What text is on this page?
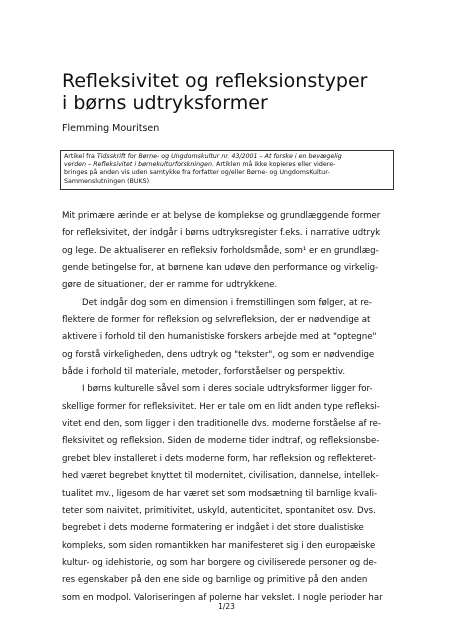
Refleksivitet og refleksionstyper
i børns udtryksformer
Flemming Mouritsen
Artikel fra Tidsskrift for Børne- og Ungdomskultur nr. 43/2001 – At forske i en bevægelig
verden – Refleksivitet i børnekulturforskningen. Artiklen må ikke kopieres eller videre-
bringes på anden vis uden samtykke fra forfatter og/eller Børne- og UngdomsKultur-
Sammenslutningen (BUKS)
Mit primære ærinde er at belyse de komplekse og grundlæggende former
for refleksivitet, der indgår i børns udtryksregister f.eks. i narrative udtryk
og lege. De aktualiserer en refleksiv forholdsmåde, som¹ er en grundlæg-
gende betingelse for, at børnene kan udøve den performance og virkelig-
gøre de situationer, der er ramme for udtrykkene.
Det indgår dog som en dimension i fremstillingen som følger, at re-
flektere de former for refleksion og selvrefleksion, der er nødvendige at
aktivere i forhold til den humanistiske forskers arbejde med at "optegne"
og forstå virkeligheden, dens udtryk og "tekster", og som er nødvendige
både i forhold til materiale, metoder, forforståelser og perspektiv.
I børns kulturelle såvel som i deres sociale udtryksformer ligger for-
skellige former for refleksivitet. Her er tale om en lidt anden type refleksi-
vitet end den, som ligger i den traditionelle dvs. moderne forståelse af re-
fleksivitet og refleksion. Siden de moderne tider indtraf, og refleksionsbe-
grebet blev installeret i dets moderne form, har refleksion og reflekteret-
hed været begrebet knyttet til modernitet, civilisation, dannelse, intellek-
tualitet mv., ligesom de har været set som modsætning til barnlige kvali-
teter som naivitet, primitivitet, uskyld, autenticitet, spontanitet osv. Dvs.
begrebet i dets moderne formatering er indgået i det store dualistiske
kompleks, som siden romantikken har manifesteret sig i den europæiske
kultur- og idehistorie, og som har borgere og civiliserede personer og de-
res egenskaber på den ene side og barnlige og primitive på den anden
som en modpol. Valoriseringen af polerne har vekslet. I nogle perioder har
1/23
